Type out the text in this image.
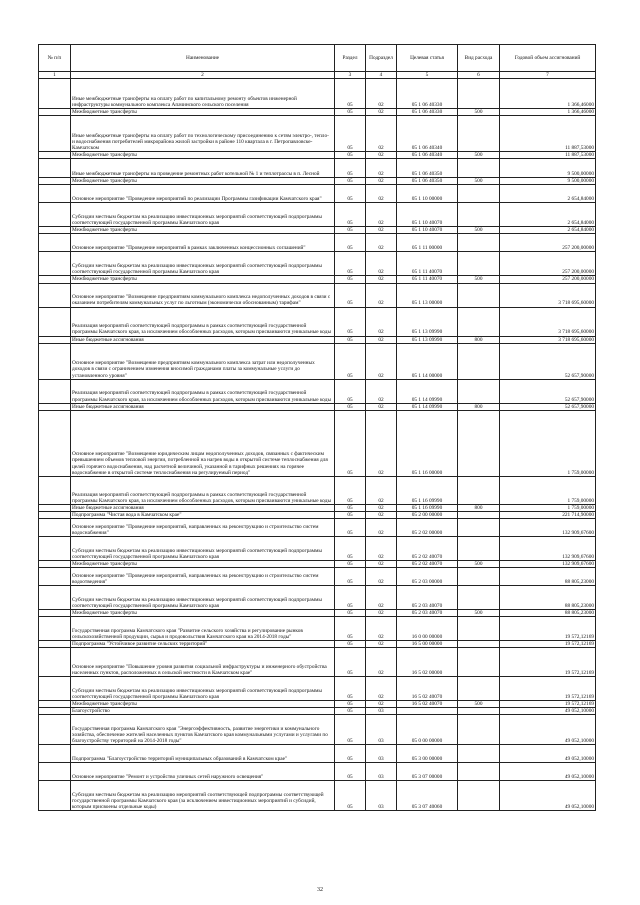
№ п/п	Наименование	Раздел	Подраздел	Целевая статья	Вид расхода	Годовой объем ассигнований
1	2	3	4	5	6	7
	Иные межбюджетные трансферты на оплату работ по капитальному ремонту объектов инженерной инфраструктуры коммунального комплекса Апачинского сельского поселения	05	02	05 1 06 40330		1 366,46000
	Межбюджетные трансферты	05	02	05 1 06 40330	500	1 366,46000
	Иные межбюджетные трансферты на оплату работ по технологическому присоединению к сетям электро-, тепло- и водоснабжения потребителей микрорайона жилой застройки в районе 110 квартала в г. Петропавловске-Камчатском	05	02	05 1 06 40340		11 887,53000
	Межбюджетные трансферты	05	02	05 1 06 40340	500	11 887,53000
	Иные межбюджетные трансферты на проведение ремонтных работ котельной № 1 и теплотрассы в п. Лесной	05	02	05 1 06 40350		9 500,00000
	Межбюджетные трансферты	05	02	05 1 06 40350	500	9 500,00000
	Основное мероприятие "Проведение мероприятий по реализации Программы газификации Камчатского края"	05	02	05 1 10 00000		2 654,84000
	Субсидии местным бюджетам на реализацию инвестиционных мероприятий соответствующей подпрограммы соответствующей государственной программы Камчатского края	05	02	05 1 10 40070		2 654,84000
	Межбюджетные трансферты	05	02	05 1 10 40070	500	2 654,84000
	Основное мероприятие "Проведение мероприятий в рамках заключенных концессионных соглашений"	05	02	05 1 11 00000		257 200,00000
	Субсидии местным бюджетам на реализацию инвестиционных мероприятий соответствующей подпрограммы соответствующей государственной программы Камчатского края	05	02	05 1 11 40070		257 200,00000
	Межбюджетные трансферты	05	02	05 1 11 40070	500	257 200,00000
	Основное мероприятие "Возмещение предприятиям коммунального комплекса недополученных доходов в связи с оказанием потребителям коммунальных услуг по льготным (экономически обоснованным) тарифам"	05	02	05 1 13 00000		3 718 695,60000
	Реализация мероприятий соответствующей подпрограммы в рамках соответствующей государственной программы Камчатского края, за исключением обособленных расходов, которым присваиваются уникальные коды	05	02	05 1 13 09990		3 718 695,60000
	Иные бюджетные ассигнования	05	02	05 1 13 09990	800	3 718 695,60000
	Основное мероприятие "Возмещение предприятиям коммунального комплекса затрат или недополученных доходов в связи с ограничением изменения вносимой гражданами платы за коммунальные услуги до установленного уровня"	05	02	05 1 14 00000		52 657,90000
	Реализация мероприятий соответствующей подпрограммы в рамках соответствующей государственной программы Камчатского края, за исключением обособленных расходов, которым присваиваются уникальные коды	05	02	05 1 14 09990		52 657,90000
	Иные бюджетные ассигнования	05	02	05 1 14 09990	800	52 657,90000
	Основное мероприятие "Возмещение юридическим лицам недополученных доходов, связанных с фактическим превышением объемов тепловой энергии, потребленной на нагрев воды в открытой системе теплоснабжения для целей горячего водоснабжения, над расчетной величиной, указанной в тарифных решениях на горячее водоснабжение в открытой системе теплоснабжения на регулируемый период"	05	02	05 1 16 00000		1 759,00000
	Реализация мероприятий соответствующей подпрограммы в рамках соответствующей государственной программы Камчатского края, за исключением обособленных расходов, которым присваиваются уникальные коды	05	02	05 1 16 09990		1 759,00000
	Иные бюджетные ассигнования	05	02	05 1 16 09990	800	1 759,00000
	Подпрограмма "Чистая вода в Камчатском крае"	05	02	05 2 00 00000		221 714,90000
	Основное мероприятие "Проведение мероприятий, направленных на реконструкцию и строительство систем водоснабжения"	05	02	05 2 02 00000		132 909,67600
	Субсидии местным бюджетам на реализацию инвестиционных мероприятий соответствующей подпрограммы соответствующей государственной программы Камчатского края	05	02	05 2 02 40070		132 909,67600
	Межбюджетные трансферты	05	02	05 2 02 40070	500	132 909,67600
	Основное мероприятие "Проведение мероприятий, направленных на реконструкцию и строительство систем водоотведения"	05	02	05 2 03 00000		88 805,23000
	Субсидии местным бюджетам на реализацию инвестиционных мероприятий соответствующей подпрограммы соответствующей государственной программы Камчатского края	05	02	05 2 03 40070		88 805,23000
	Межбюджетные трансферты	05	02	05 2 03 40070	500	88 805,23000
	Государственная программа Камчатского края "Развитие сельского хозяйства и регулирование рынков сельскохозяйственной продукции, сырья и продовольствия Камчатского края на 2014-2018 годы"	05	02	16 0 00 00000		19 572,12169
	Подпрограмма "Устойчивое развитие сельских территорий"	05	02	16 5 00 00000		19 572,12169
	Основное мероприятие "Повышение уровня развития социальной инфраструктуры и инженерного обустройства населенных пунктов, расположенных в сельской местности в Камчатском крае"	05	02	16 5 02 00000		19 572,12169
	Субсидии местным бюджетам на реализацию инвестиционных мероприятий соответствующей подпрограммы соответствующей государственной программы Камчатского края	05	02	16 5 02 40070		19 572,12169
	Межбюджетные трансферты	05	02	16 5 02 40070	500	19 572,12169
	Благоустройство	05	03			49 052,10000
	Государственная программа Камчатского края "Энергоэффективность, развитие энергетики и коммунального хозяйства, обеспечение жителей населенных пунктов Камчатского края коммунальными услугами и услугами по благоустройству территорий на 2014-2018 годы"	05	03	05 0 00 00000		49 052,10000
	Подпрограмма "Благоустройство территорий муниципальных образований в Камчатском крае"	05	03	05 3 00 00000		49 052,10000
	Основное мероприятие "Ремонт и устройство уличных сетей наружного освещения"	05	03	05 3 07 00000		49 052,10000
	Субсидии местным бюджетам на реализацию мероприятий соответствующей подпрограммы соответствующей государственной программы Камчатского края (за исключением инвестиционных мероприятий и субсидий, которым присвоены отдельные коды)	05	03	05 3 07 40060		49 052,10000
32
